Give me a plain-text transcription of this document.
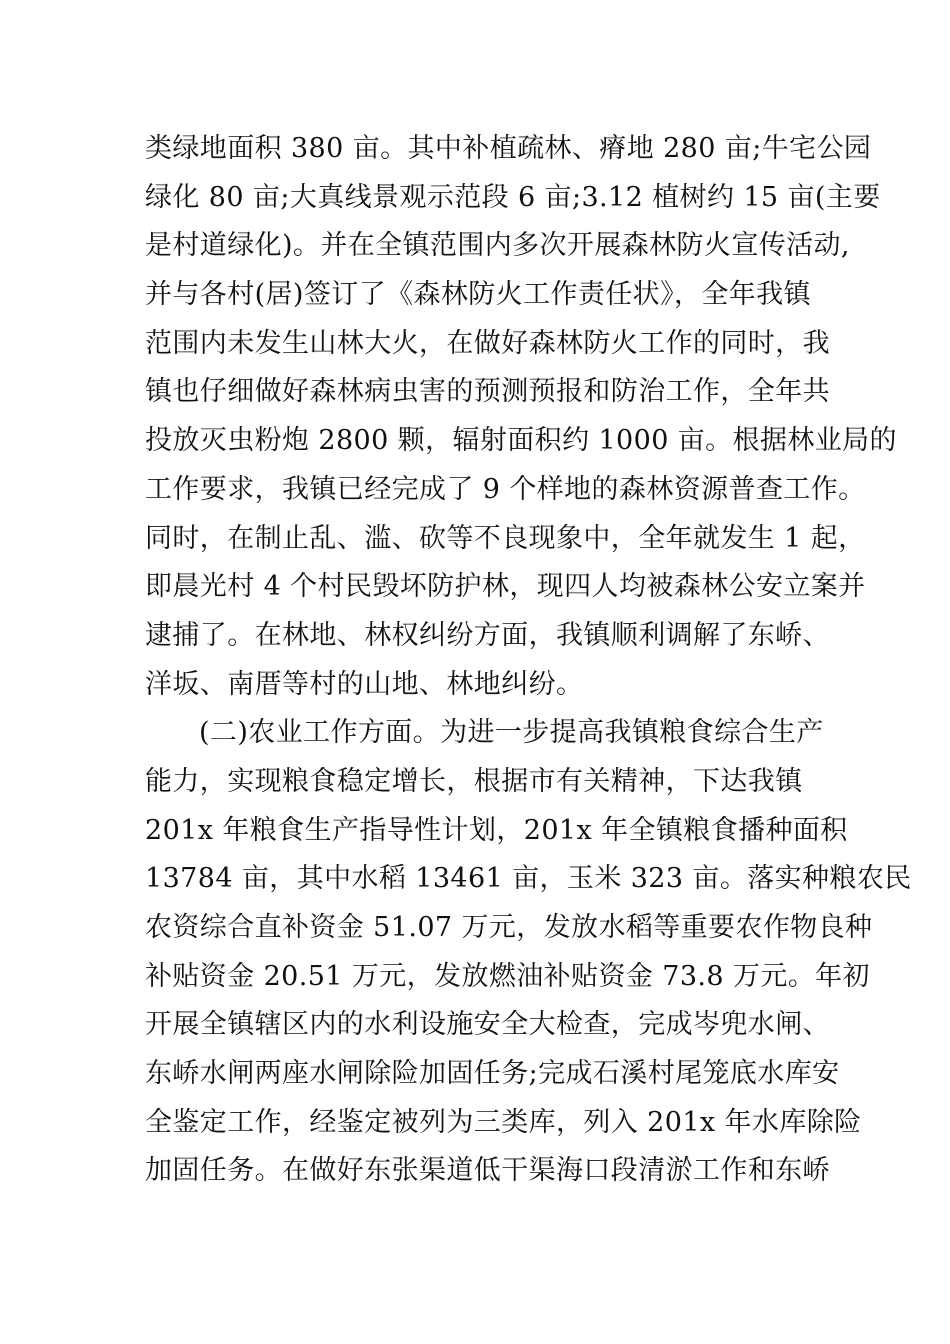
类绿地面积 380 亩。其中补植疏林、瘠地 280 亩;牛宅公园
绿化 80 亩;大真线景观示范段 6 亩;3.12 植树约 15 亩(主要
是村道绿化)。并在全镇范围内多次开展森林防火宣传活动,
并与各村(居)签订了《森林防火工作责任状》，全年我镇
范围内未发生山林大火，在做好森林防火工作的同时，我
镇也仔细做好森林病虫害的预测预报和防治工作，全年共
投放灭虫粉炮 2800 颗，辐射面积约 1000 亩。根据林业局的
工作要求，我镇已经完成了 9 个样地的森林资源普查工作。
同时，在制止乱、滥、砍等不良现象中，全年就发生 1 起，
即晨光村 4 个村民毁坏防护林，现四人均被森林公安立案并
逮捕了。在林地、林权纠纷方面，我镇顺利调解了东峤、
洋坂、南厝等村的山地、林地纠纷。
(二)农业工作方面。为进一步提高我镇粮食综合生产
能力，实现粮食稳定增长，根据市有关精神，下达我镇
201x 年粮食生产指导性计划，201x 年全镇粮食播种面积
13784 亩，其中水稻 13461 亩，玉米 323 亩。落实种粮农民
农资综合直补资金 51.07 万元，发放水稻等重要农作物良种
补贴资金 20.51 万元，发放燃油补贴资金 73.8 万元。年初
开展全镇辖区内的水利设施安全大检查，完成岑兜水闸、
东峤水闸两座水闸除险加固任务;完成石溪村尾笼底水库安
全鉴定工作，经鉴定被列为三类库，列入 201x 年水库除险
加固任务。在做好东张渠道低干渠海口段清淤工作和东峤
